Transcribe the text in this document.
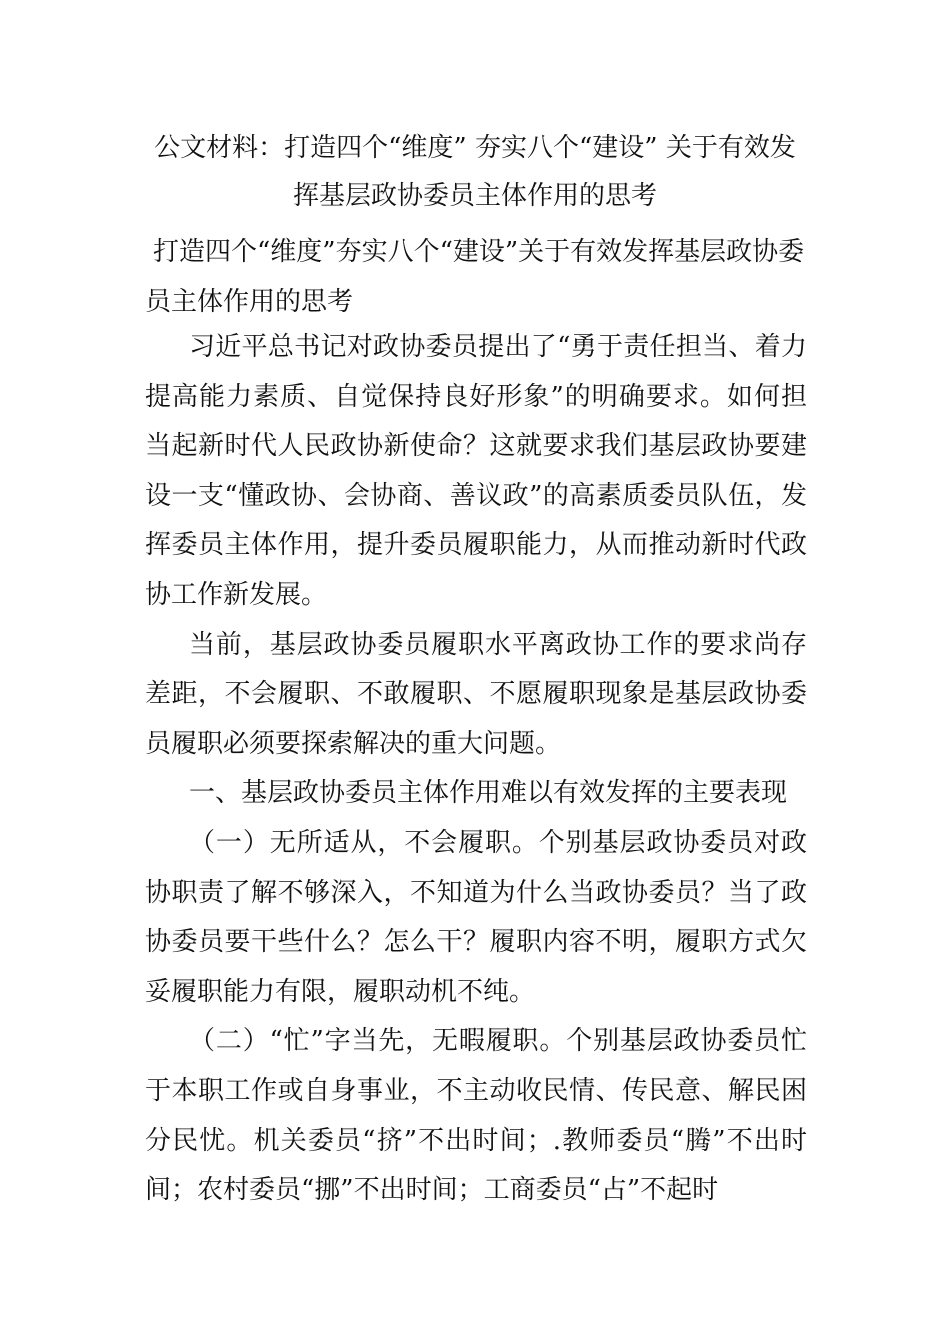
公文材料：打造四个“维度” 夯实八个“建设” 关于有效发挥基层政协委员主体作用的思考
打造四个“维度”夯实八个“建设”关于有效发挥基层政协委员主体作用的思考

习近平总书记对政协委员提出了“勇于责任担当、着力提高能力素质、自觉保持良好形象”的明确要求。如何担当起新时代人民政协新使命？这就要求我们基层政协要建设一支“懂政协、会协商、善议政”的高素质委员队伍，发挥委员主体作用，提升委员履职能力，从而推动新时代政协工作新发展。

当前，基层政协委员履职水平离政协工作的要求尚存差距，不会履职、不敢履职、不愿履职现象是基层政协委员履职必须要探索解决的重大问题。

一、基层政协委员主体作用难以有效发挥的主要表现

（一）无所适从，不会履职。个别基层政协委员对政协职责了解不够深入，不知道为什么当政协委员？当了政协委员要干些什么？怎么干？履职内容不明，履职方式欠妥履职能力有限，履职动机不纯。

（二）“忙”字当先，无暇履职。个别基层政协委员忙于本职工作或自身事业，不主动收民情、传民意、解民困分民忧。机关委员“挤”不出时间；.教师委员“腾”不出时间；农村委员“挪”不出时间；工商委员“占”不起时
